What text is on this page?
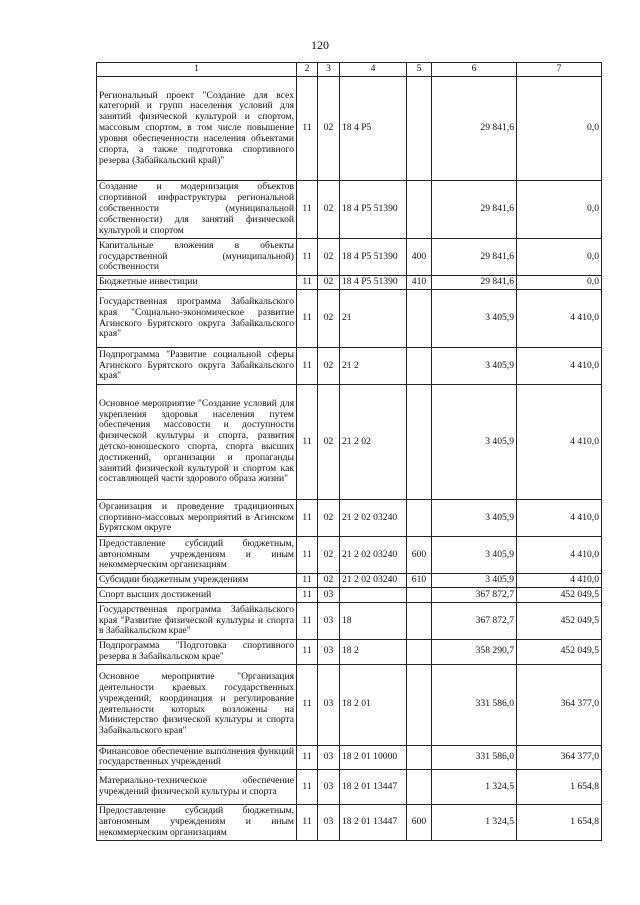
120
1	2	3	4	5	6	7
Региональный проект "Создание для всех категорий и групп населения условий для занятий физической культурой и спортом, массовым спортом, в том числе повышение уровня обеспеченности населения объектами спорта, а также подготовка спортивного резерва (Забайкальский край)"	11	02	18 4 P5		29 841,6	0,0
Создание и модернизация объектов спортивной инфраструктуры региональной собственности (муниципальной собственности) для занятий физической культурой и спортом	11	02	18 4 P5 51390		29 841,6	0,0
Капитальные вложения в объекты государственной (муниципальной) собственности	11	02	18 4 P5 51390	400	29 841,6	0,0
Бюджетные инвестиции	11	02	18 4 P5 51390	410	29 841,6	0,0
Государственная программа Забайкальского края "Социально-экономическое развитие Агинского Бурятского округа Забайкальского края"	11	02	21		3 405,9	4 410,0
Подпрограмма "Развитие социальной сферы Агинского Бурятского округа Забайкальского края"	11	02	21 2		3 405,9	4 410,0
Основное мероприятие "Создание условий для укрепления здоровья населения путем обеспечения массовости и доступности физической культуры и спорта, развития детско-юношеского спорта, спорта высших достижений, организации и пропаганды занятий физической культурой и спортом как составляющей части здорового образа жизни"	11	02	21 2 02		3 405,9	4 410,0
Организация и проведение традиционных спортивно-массовых мероприятий в Агинском Бурятском округе	11	02	21 2 02 03240		3 405,9	4 410,0
Предоставление субсидий бюджетным, автономным учреждениям и иным некоммерческим организациям	11	02	21 2 02 03240	600	3 405,9	4 410,0
Субсидии бюджетным учреждениям	11	02	21 2 02 03240	610	3 405,9	4 410,0
Спорт высших достижений	11	03			367 872,7	452 049,5
Государственная программа Забайкальского края "Развитие физической культуры и спорта в Забайкальском крае"	11	03	18		367 872,7	452 049,5
Подпрограмма "Подготовка спортивного резерва в Забайкальском крае"	11	03	18 2		358 290,7	452 049,5
Основное мероприятие "Организация деятельности краевых государственных учреждений, координация и регулирование деятельности которых возложены на Министерство физической культуры и спорта Забайкальского края"	11	03	18 2 01		331 586,0	364 377,0
Финансовое обеспечение выполнения функций государственных учреждений	11	03	18 2 01 10000		331 586,0	364 377,0
Материально-техническое обеспечение учреждений физической культуры и спорта	11	03	18 2 01 13447		1 324,5	1 654,8
Предоставление субсидий бюджетным, автономным учреждениям и иным некоммерческим организациям	11	03	18 2 01 13447	600	1 324,5	1 654,8
